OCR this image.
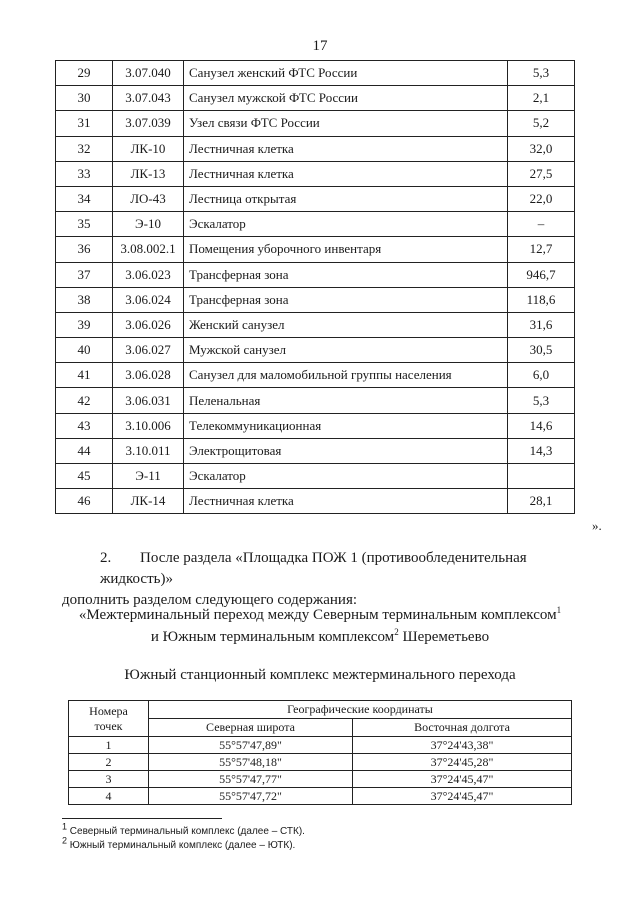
17
29	3.07.040	Санузел женский ФТС России	5,3
30	3.07.043	Санузел мужской ФТС России	2,1
31	3.07.039	Узел связи ФТС России	5,2
32	ЛК-10	Лестничная клетка	32,0
33	ЛК-13	Лестничная клетка	27,5
34	ЛО-43	Лестница открытая	22,0
35	Э-10	Эскалатор	–
36	3.08.002.1	Помещения уборочного инвентаря	12,7
37	3.06.023	Трансферная зона	946,7
38	3.06.024	Трансферная зона	118,6
39	3.06.026	Женский санузел	31,6
40	3.06.027	Мужской санузел	30,5
41	3.06.028	Санузел для маломобильной группы населения	6,0
42	3.06.031	Пеленальная	5,3
43	3.10.006	Телекоммуникационная	14,6
44	3.10.011	Электрощитовая	14,3
45	Э-11	Эскалатор	
46	ЛК-14	Лестничная клетка	28,1
».
2. После раздела «Площадка ПОЖ 1 (противообледенительная жидкость)»
дополнить разделом следующего содержания:
«Межтерминальный переход между Северным терминальным комплексом$^1$
и Южным терминальным комплексом$^2$ Шереметьево
Южный станционный комплекс межтерминального перехода
Номера
точек	Географические координаты	
	Северная широта	Восточная долгота
1	55°57'47,89"	37°24'43,38"
2	55°57'48,18"	37°24'45,28"
3	55°57'47,77"	37°24'45,47"
4	55°57'47,72"	37°24'45,47"
$^1$ Северный терминальный комплекс (далее – СТК).
$^2$ Южный терминальный комплекс (далее – ЮТК).
